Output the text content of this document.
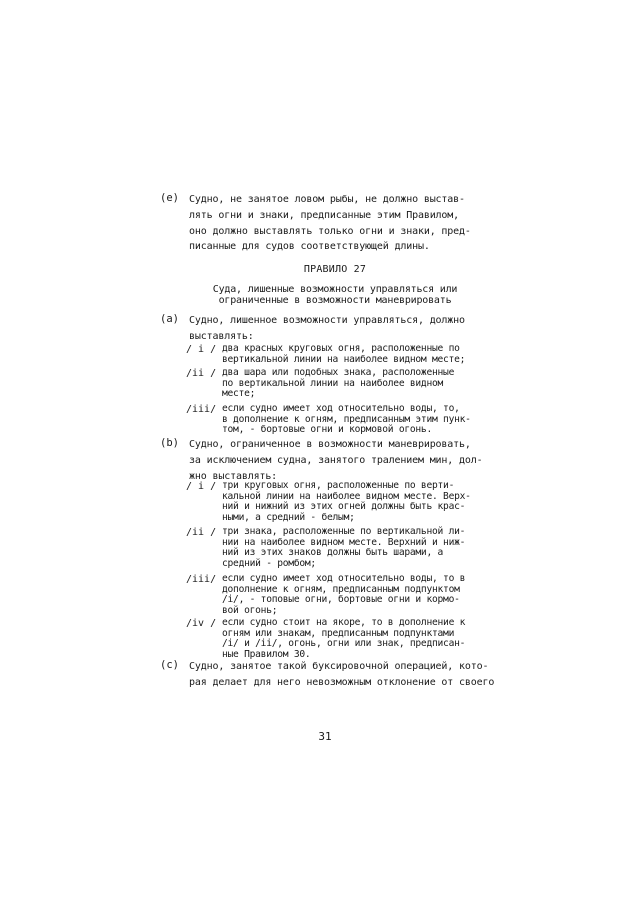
(e) Судно, не занятое ловом рыбы, не должно выстав-
лять огни и знаки, предписанные этим Правилом,
оно должно выставлять только огни и знаки, пред-
писанные для судов соответствующей длины.
ПРАВИЛО 27
Суда, лишенные возможности управляться или
ограниченные в возможности маневрировать
(a) Судно, лишенное возможности управляться, должно
выставлять:
/ i / два красных круговых огня, расположенные по
вертикальной линии на наиболее видном месте;
/ii / два шара или подобных знака, расположенные
по вертикальной линии на наиболее видном
месте;
/iii/ если судно имеет ход относительно воды, то,
в дополнение к огням, предписанным этим пунк-
том, - бортовые огни и кормовой огонь.
(b) Судно, ограниченное в возможности маневрировать,
за исключением судна, занятого тралением мин, дол-
жно выставлять:
/ i / три круговых огня, расположенные по верти-
кальной линии на наиболее видном месте. Верх-
ний и нижний из этих огней должны быть крас-
ными, а средний - белым;
/ii / три знака, расположенные по вертикальной ли-
нии на наиболее видном месте. Верхний и ниж-
ний из этих знаков должны быть шарами, а
средний - ромбом;
/iii/ если судно имеет ход относительно воды, то в
дополнение к огням, предписанным подпунктом
/i/, - топовые огни, бортовые огни и кормо-
вой огонь;
/iv / если судно стоит на якоре, то в дополнение к
огням или знакам, предписанным подпунктами
/i/ и /ii/, огонь, огни или знак, предписан-
ные Правилом 30.
(c) Судно, занятое такой буксировочной операцией, кото-
рая делает для него невозможным отклонение от своего
31
